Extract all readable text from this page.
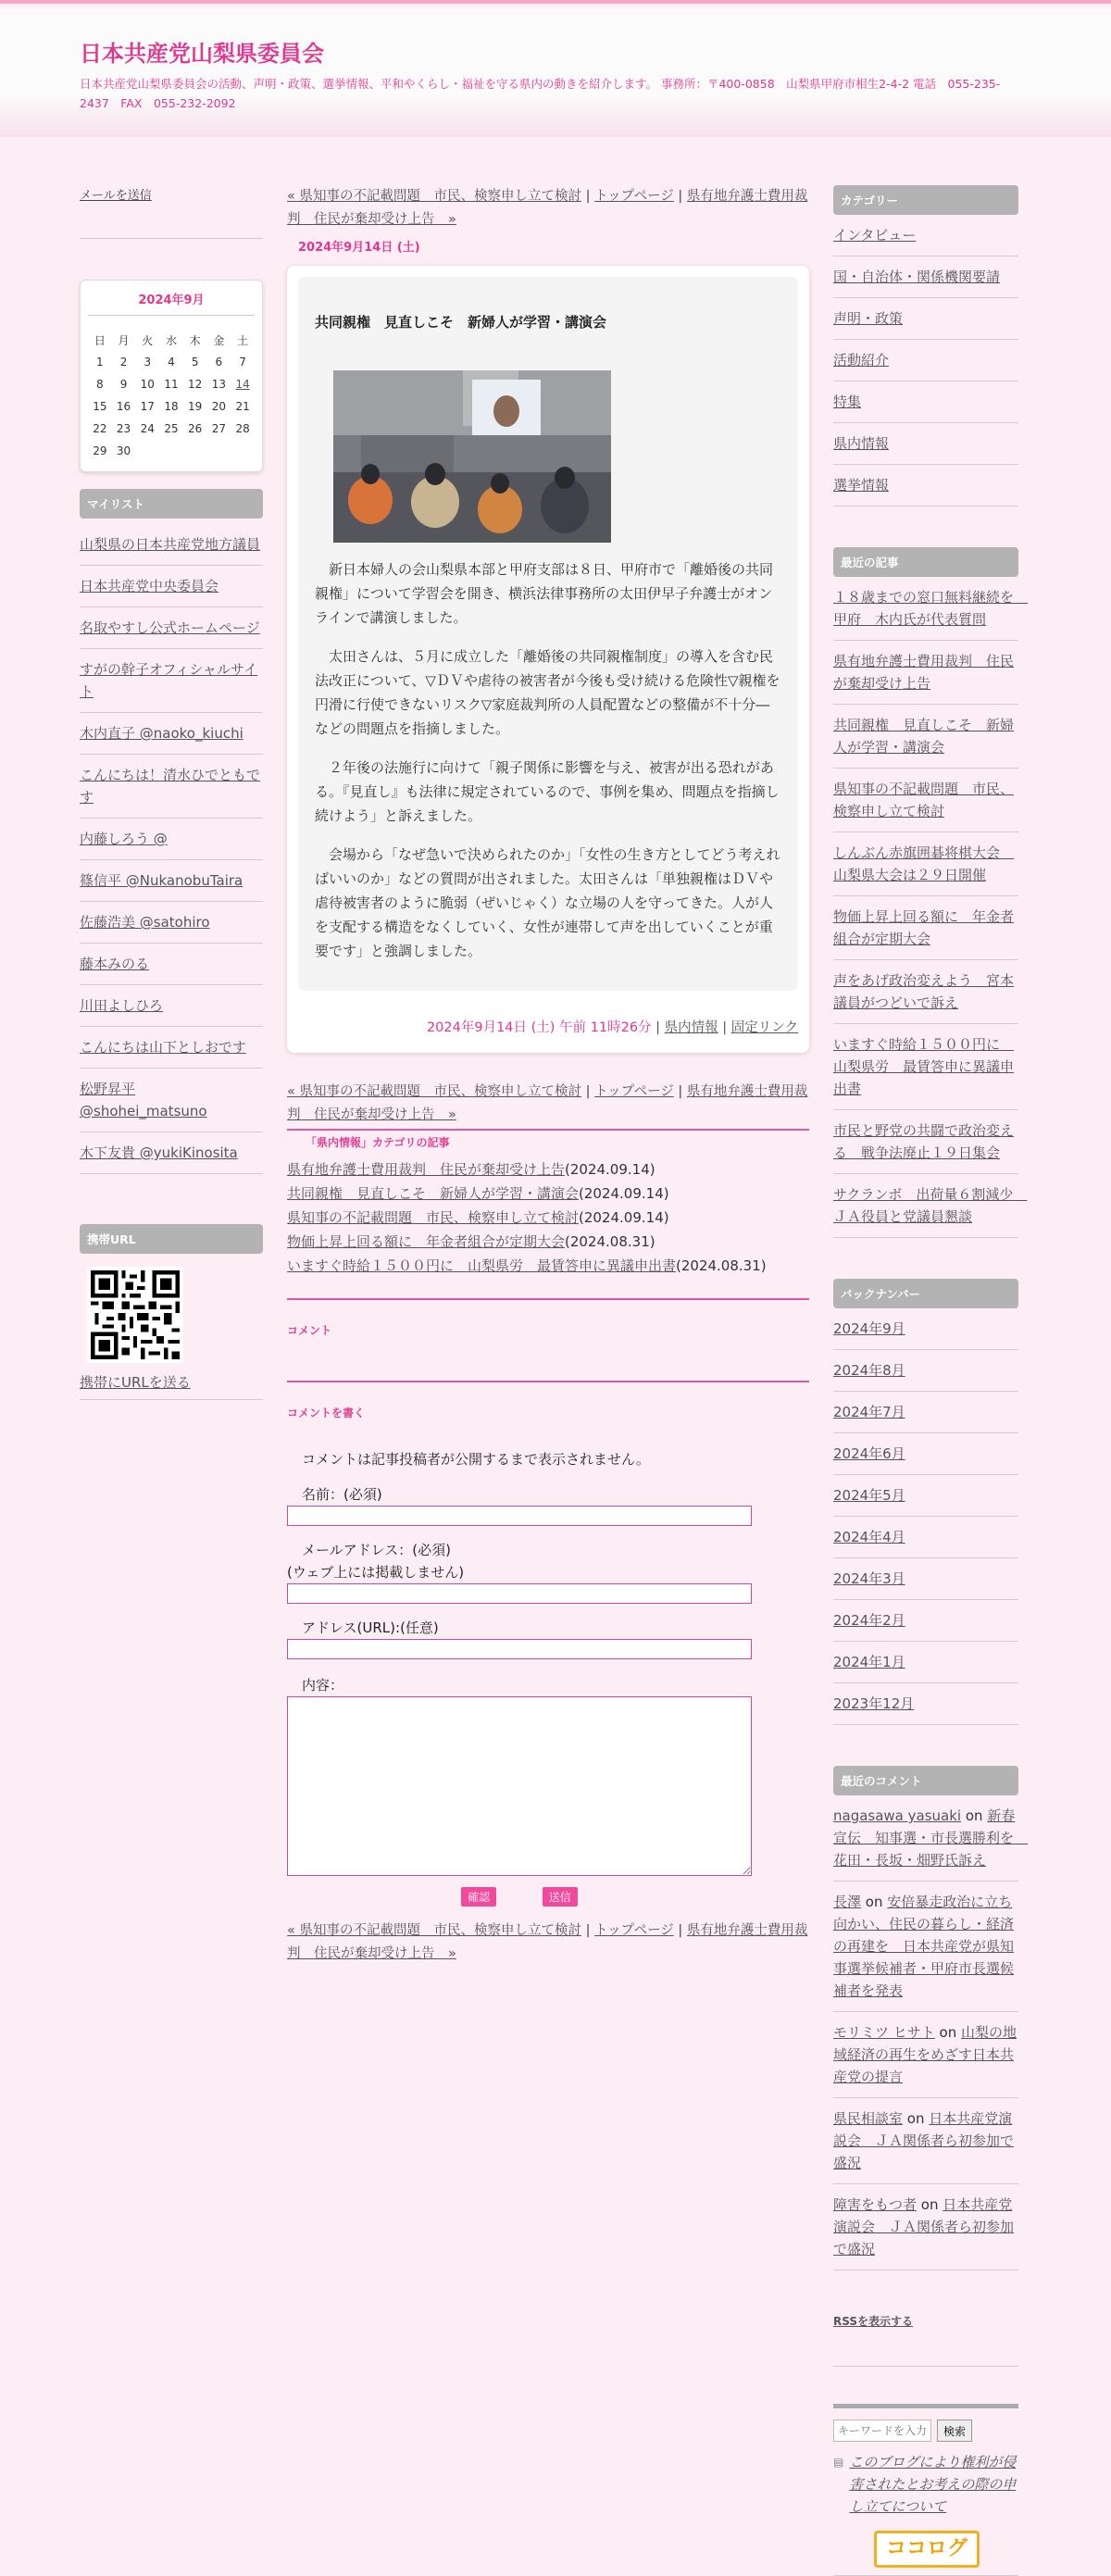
日本共産党山梨県委員会
日本共産党山梨県委員会の活動、声明・政策、選挙情報、平和やくらし・福祉を守る県内の動きを紹介します。 事務所：〒400-0858　山梨県甲府市相生2-4-2 電話　055-235-2437　FAX　055-232-2092
メールを送信
2024年9月
日	月	火	水	木	金	土
1	2	3	4	5	6	7
8	9	10	11	12	13	14
15	16	17	18	19	20	21
22	23	24	25	26	27	28
29	30					
マイリスト
山梨県の日本共産党地方議員
日本共産党中央委員会
名取やすし公式ホームページ
すがの幹子オフィシャルサイト
木内直子 @naoko_kiuchi
こんにちは！清水ひでともです
内藤しろう @
篠信平 @NukanobuTaira
佐藤浩美 @satohiro
藤本みのる
川田よしひろ
こんにちは山下としおです
松野昇平 @shohei_matsuno
木下友貴 @yukiKinosita
携帯URL
携帯にURLを送る
« 県知事の不記載問題　市民、検察申し立て検討 | トップページ | 県有地弁護士費用裁判　住民が棄却受け上告　»
2024年9月14日 (土)
共同親権　見直しこそ　新婦人が学習・講演会

新日本婦人の会山梨県本部と甲府支部は８日、甲府市で「離婚後の共同親権」について学習会を開き、横浜法律事務所の太田伊早子弁護士がオンラインで講演しました。

太田さんは、５月に成立した「離婚後の共同親権制度」の導入を含む民法改正について、▽ＤＶや虐待の被害者が今後も受け続ける危険性▽親権を円滑に行使できないリスク▽家庭裁判所の人員配置などの整備が不十分―などの問題点を指摘しました。

２年後の法施行に向けて「親子関係に影響を与え、被害が出る恐れがある。『見直し』も法律に規定されているので、事例を集め、問題点を指摘し続けよう」と訴えました。

会場から「なぜ急いで決められたのか」「女性の生き方としてどう考えればいいのか」などの質問が出されました。太田さんは「単独親権はＤＶや虐待被害者のように脆弱（ぜいじゃく）な立場の人を守ってきた。人が人を支配する構造をなくしていく、女性が連帯して声を出していくことが重要です」と強調しました。

2024年9月14日 (土) 午前 11時26分 | 県内情報 | 固定リンク
« 県知事の不記載問題　市民、検察申し立て検討 | トップページ | 県有地弁護士費用裁判　住民が棄却受け上告　»
「県内情報」カテゴリの記事
県有地弁護士費用裁判　住民が棄却受け上告(2024.09.14)
共同親権　見直しこそ　新婦人が学習・講演会(2024.09.14)
県知事の不記載問題　市民、検察申し立て検討(2024.09.14)
物価上昇上回る額に　年金者組合が定期大会(2024.08.31)
いますぐ時給１５００円に　山梨県労　最賃答申に異議申出書(2024.08.31)
コメント
コメントを書く
コメントは記事投稿者が公開するまで表示されません。
名前：(必須)
メールアドレス：(必須)
(ウェブ上には掲載しません)
アドレス(URL):(任意)
内容：
確認	送信
« 県知事の不記載問題　市民、検察申し立て検討 | トップページ | 県有地弁護士費用裁判　住民が棄却受け上告　»
カテゴリー
インタビュー
国・自治体・関係機関要請
声明・政策
活動紹介
特集
県内情報
選挙情報
最近の記事
１８歳までの窓口無料継続を　甲府　木内氏が代表質問
県有地弁護士費用裁判　住民が棄却受け上告
共同親権　見直しこそ　新婦人が学習・講演会
県知事の不記載問題　市民、検察申し立て検討
しんぶん赤旗囲碁将棋大会　山梨県大会は２９日開催
物価上昇上回る額に　年金者組合が定期大会
声をあげ政治変えよう　宮本議員がつどいで訴え
いますぐ時給１５００円に　山梨県労　最賃答申に異議申出書
市民と野党の共闘で政治変える　戦争法廃止１９日集会
サクランボ　出荷量６割減少　ＪＡ役員と党議員懇談
バックナンバー
2024年9月
2024年8月
2024年7月
2024年6月
2024年5月
2024年4月
2024年3月
2024年2月
2024年1月
2023年12月
最近のコメント
nagasawa yasuaki on 新春宣伝　知事選・市長選勝利を　花田・長坂・畑野氏訴え
長澤 on 安倍暴走政治に立ち向かい、住民の暮らし・経済の再建を　日本共産党が県知事選挙候補者・甲府市長選候補者を発表
モリミツ ヒサト on 山梨の地域経済の再生をめざす日本共産党の提言
県民相談室 on 日本共産党演説会　ＪＡ関係者ら初参加で盛況
障害をもつ者 on 日本共産党演説会　ＪＡ関係者ら初参加で盛況
RSSを表示する
キーワードを入力
検索
▤ このブログにより権利が侵害されたとお考えの際の申し立てについて
ココログ
